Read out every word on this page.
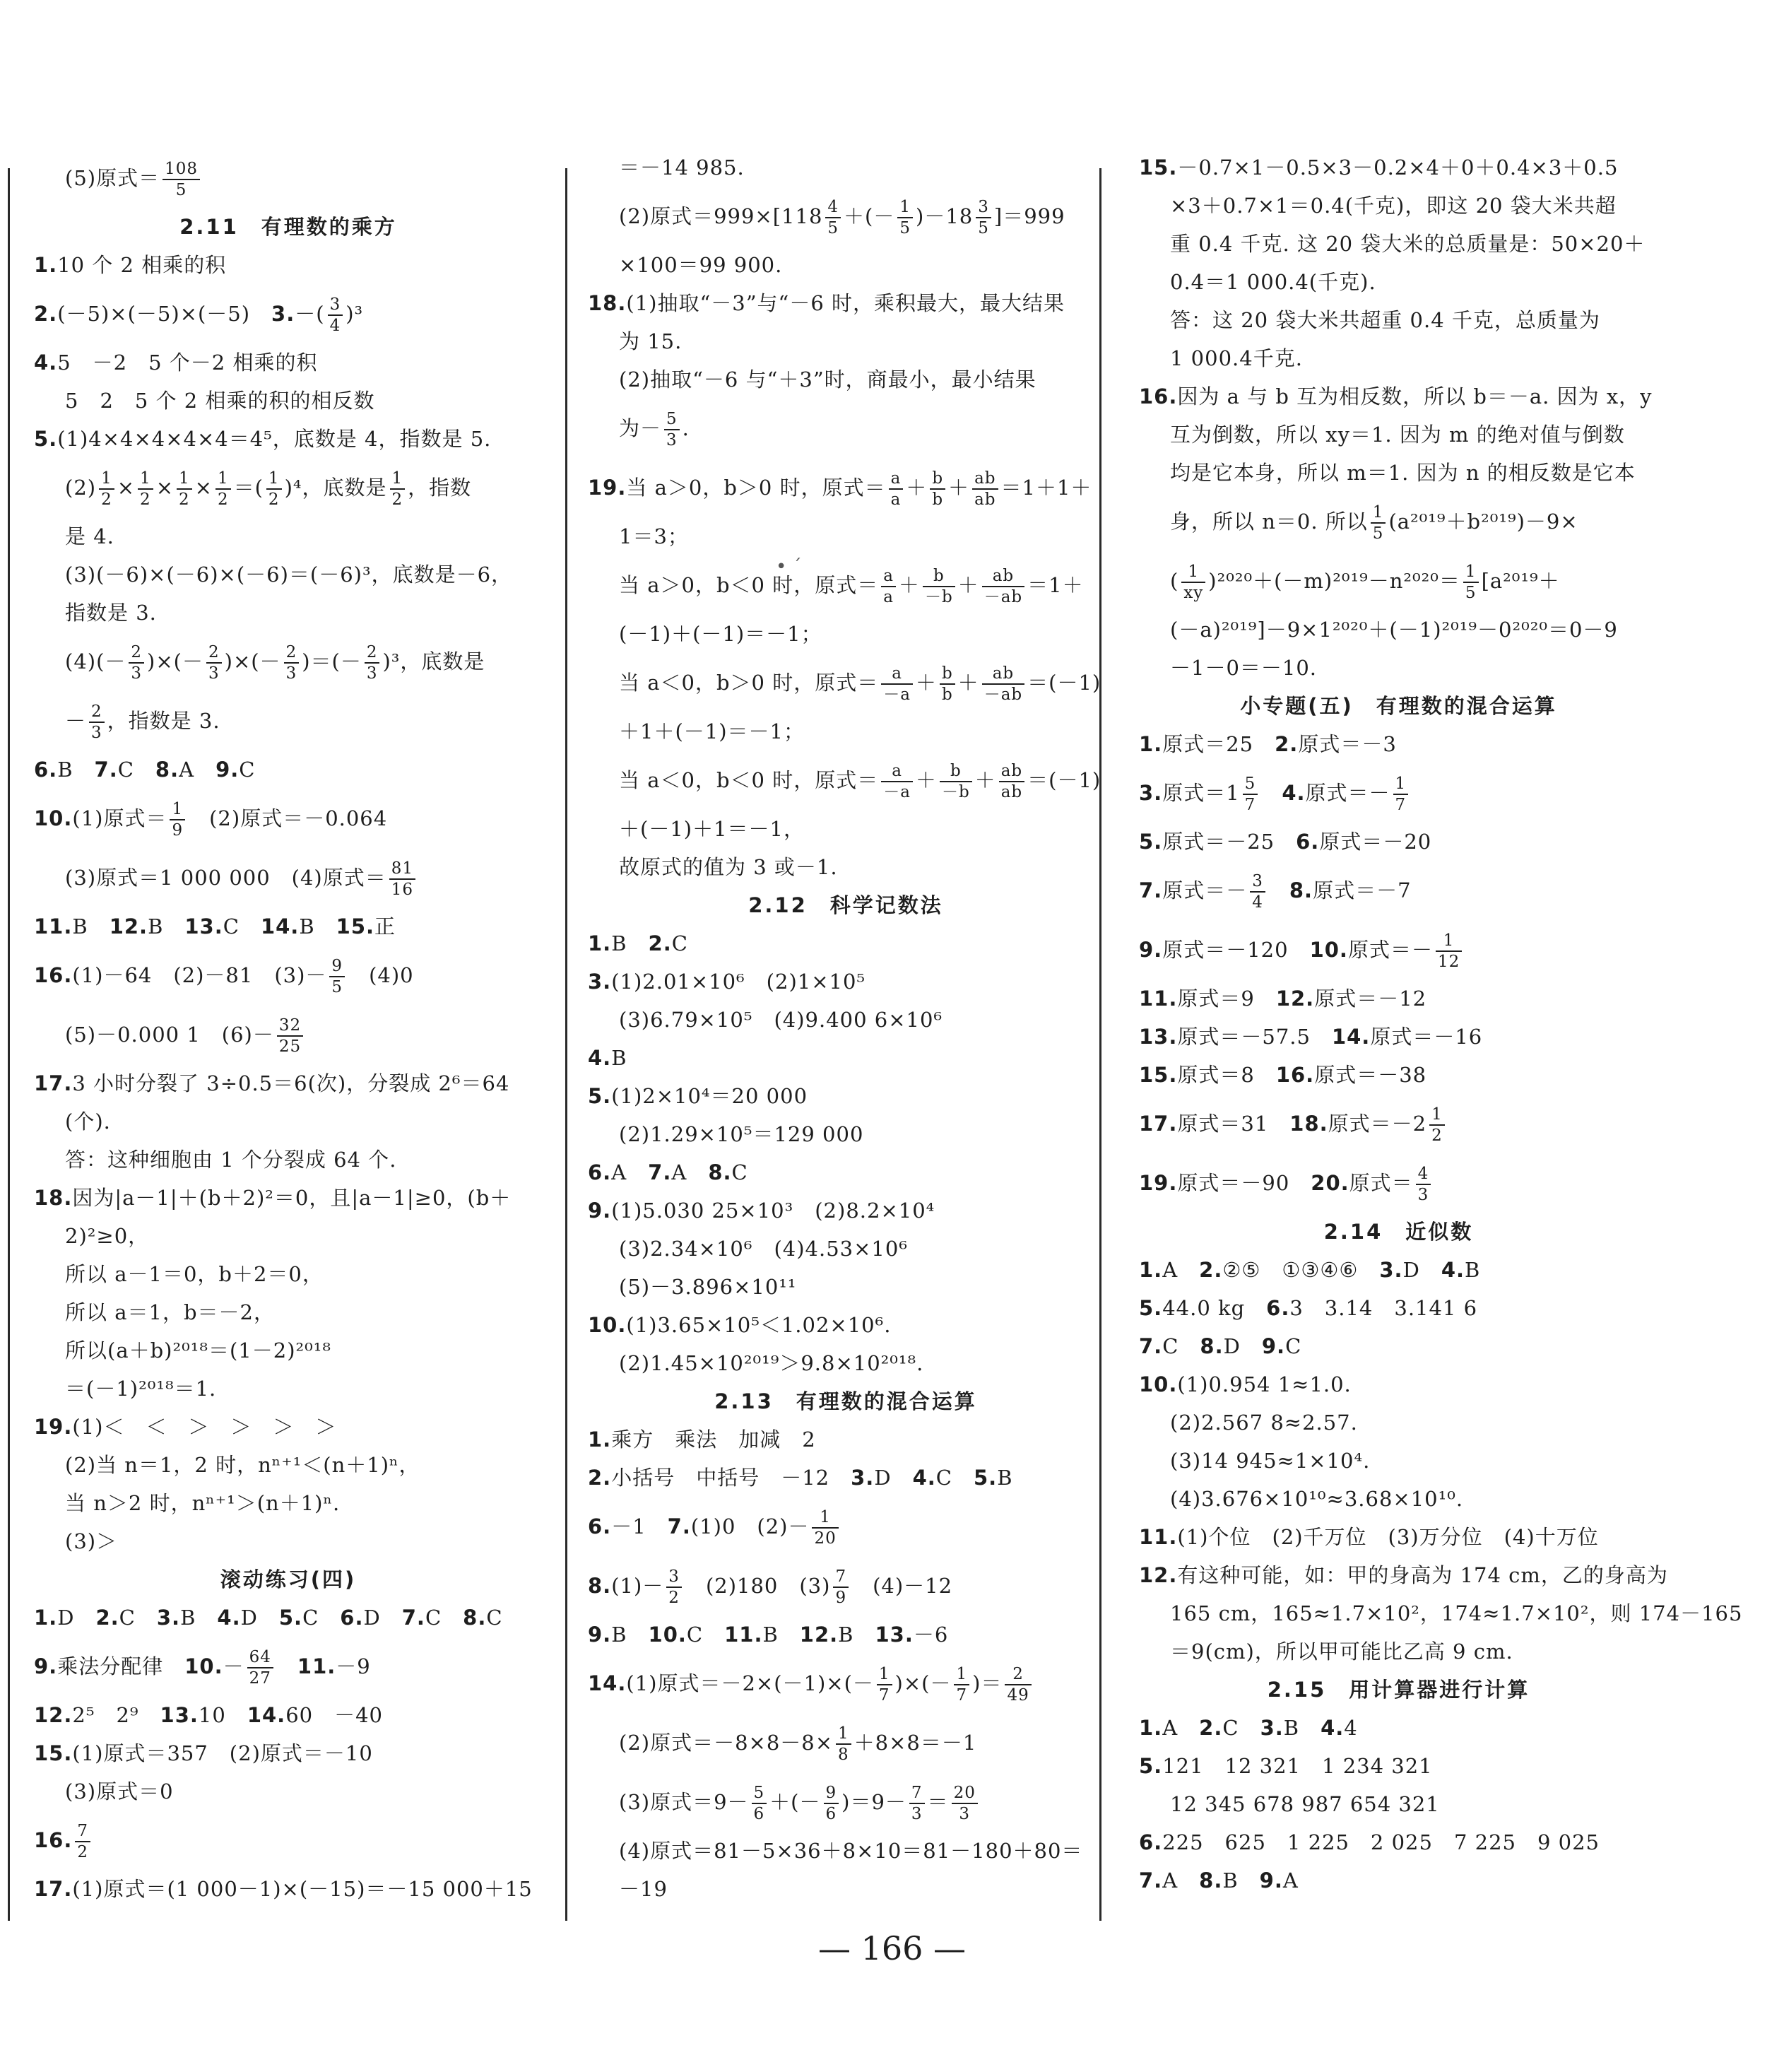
• ˊ
(5)原式＝ $\frac{108}{5}$
2.11　有理数的乘方
1.10 个 2 相乘的积
2.(－5)×(－5)×(－5)　$3.-( \frac{3}{4} )^3$
4.5　－2　5 个－2 相乘的积
5　2　5 个 2 相乘的积的相反数
5.(1)4×4×4×4×4＝4⁵，底数是 4，指数是 5.
$(2) \frac{1}{2} \times \frac{1}{2} \times \frac{1}{2} \times \frac{1}{2}$ ＝( $\frac{1}{2} )^4$，底数是 $\frac{1}{2}$ ，指数
是 4.
(3)(－6)×(－6)×(－6)＝(－6)³，底数是－6，
指数是 3.
$(4)(- \frac{2}{3}$ )×(－ $\frac{2}{3}$ )×(－ $\frac{2}{3}$ )＝(－ $\frac{2}{3} )^3$，底数是
－ $\frac{2}{3}$ ，指数是 3.
6.B　7.C　8.A　9.C
10.(1)原式＝ $\frac{1}{9}$ 　(2)原式＝－0.064
(3)原式＝1 000 000　(4)原式＝ $\frac{81}{16}$
11.B　12.B　13.C　14.B　15.正
16.(1)－64　(2)－81　$(3)- \frac{9}{5}$ 　(4)0
(5)－0.000 1　$(6)- \frac{32}{25}$
17.3 小时分裂了 3÷0.5＝6(次)，分裂成 2⁶＝64
(个).
答：这种细胞由 1 个分裂成 64 个.
18.因为|a－1|＋(b＋2)²＝0，且|a－1|≥0，(b＋
2)²≥0，
所以 a－1＝0，b＋2＝0，
所以 a＝1，b＝－2，
所以(a＋b)²⁰¹⁸＝(1－2)²⁰¹⁸
＝(－1)²⁰¹⁸＝1.
19.(1)＜　＜　＞　＞　＞　＞
(2)当 n＝1，2 时，nⁿ⁺¹＜(n＋1)ⁿ，
当 n＞2 时，nⁿ⁺¹＞(n＋1)ⁿ.
(3)＞
滚动练习(四)
1.D　2.C　3.B　4.D　5.C　6.D　7.C　8.C
9.乘法分配律　$10.- \frac{64}{27}$
　 11.－9
12.2⁵　2⁹　13.10　14.60　－40
15.(1)原式＝357　(2)原式＝－10
(3)原式＝0
16. $\frac{7}{2}$
17.(1)原式＝(1 000－1)×(－15)＝－15 000＋15
＝－14 985.
(2)原式$=999\times[118 \frac{4}{5}$ ＋(－ $\frac{1}{5} )-18 \frac{3}{5} ]=999$
×100＝99 900.
18.(1)抽取“－3”与“－6 时，乘积最大，最大结果
为 15.
(2)抽取“－6 与“＋3”时，商最小，最小结果
为－ $\frac{5}{3}$ .
19.当 a＞0，b＞0 时，原式＝ $\frac{a}{a} + \frac{b}{b} + \frac{ab}{ab} =1+1+$
1＝3；
当 a＞0，b＜0 时，原式＝ $\frac{a}{a} + \frac{b}{-b} + \frac{ab}{-ab} =1+$
(－1)＋(－1)＝－1；
当 a＜0，b＞0 时，原式＝ $\frac{a}{-a} + \frac{b}{b} + \frac{ab}{-ab} =(-1)$
＋1＋(－1)＝－1；
当 a＜0，b＜0 时，原式＝ $\frac{a}{-a} + \frac{b}{-b} + \frac{ab}{ab} =(-1)$
＋(－1)＋1＝－1，
故原式的值为 3 或－1.
2.12　科学记数法
1.B　2.C
3.(1)2.01×10⁶　(2)1×10⁵
(3)6.79×10⁵　(4)9.400 6×10⁶
4.B
5.(1)2×10⁴＝20 000
(2)1.29×10⁵＝129 000
6.A　7.A　8.C
9.(1)5.030 25×10³　(2)8.2×10⁴
(3)2.34×10⁶　(4)4.53×10⁶
(5)－3.896×10¹¹
10.(1)3.65×10⁵＜1.02×10⁶.
(2)1.45×10²⁰¹⁹＞9.8×10²⁰¹⁸.
2.13　有理数的混合运算
1.乘方　乘法　加减　2
2.小括号　中括号　－12　3.D　4.C　5.B
6.－1　7.(1)0　$(2)- \frac{1}{20}$
$8.(1)- \frac{3}{2}$ 　(2)180　$(3) \frac{7}{9}$ 　(4)－12
9.B　10.C　11.B　12.B　13.－6
14.(1)原式$=-2\times(-1)\times(- \frac{1}{7}$ )×(－ $\frac{1}{7}$ )＝ $\frac{2}{49}$
(2)原式$=-8\times 8-8\times \frac{1}{8} +8\times 8=-1$
(3)原式$=9- \frac{5}{6}$ ＋(－ $\frac{9}{6} )=9- \frac{7}{3} = \frac{20}{3}$
(4)原式＝81－5×36＋8×10＝81－180＋80＝
－19
15.－0.7×1－0.5×3－0.2×4＋0＋0.4×3＋0.5
×3＋0.7×1＝0.4(千克)，即这 20 袋大米共超
重 0.4 千克. 这 20 袋大米的总质量是：50×20＋
0.4＝1 000.4(千克).
答：这 20 袋大米共超重 0.4 千克，总质量为
1 000.4千克.
16.因为 a 与 b 互为相反数，所以 b＝－a. 因为 x，y
互为倒数，所以 xy＝1. 因为 m 的绝对值与倒数
均是它本身，所以 m＝1. 因为 n 的相反数是它本
身，所以 n＝0. 所以 $\frac{1}{5} (a^{2019}+b^{2019})-9\times$
( $\frac{1}{xy} )^{2020}+(-m)^{2019}-n^{2020}= \frac{1}{5} [a^{2019}+$
(－a)²⁰¹⁹]－9×1²⁰²⁰＋(－1)²⁰¹⁹－0²⁰²⁰＝0－9
－1－0＝－10.
小专题(五)　有理数的混合运算
1.原式＝25　2.原式＝－3
3.原式$=1 \frac{5}{7}$
　 4.原式＝－ $\frac{1}{7}$
5.原式＝－25　6.原式＝－20
7.原式＝－ $\frac{3}{4}$
　 8.原式＝－7
9.原式＝－120　10.原式＝－ $\frac{1}{12}$
11.原式＝9　12.原式＝－12
13.原式＝－57.5　14.原式＝－16
15.原式＝8　16.原式＝－38
17.原式＝31　18.原式$=-2 \frac{1}{2}$
19.原式＝－90　20.原式＝ $\frac{4}{3}$
2.14　近似数
1.A　2.②⑤　①③④⑥　3.D　4.B
5.44.0 kg　6.3　3.14　3.141 6
7.C　8.D　9.C
10.(1)0.954 1≈1.0.
(2)2.567 8≈2.57.
(3)14 945≈1×10⁴.
(4)3.676×10¹⁰≈3.68×10¹⁰.
11.(1)个位　(2)千万位　(3)万分位　(4)十万位
12.有这种可能，如：甲的身高为 174 cm，乙的身高为
165 cm，165≈1.7×10²，174≈1.7×10²，则 174－165
＝9(cm)，所以甲可能比乙高 9 cm.
2.15　用计算器进行计算
1.A　2.C　3.B　4.4
5.121　12 321　1 234 321
12 345 678 987 654 321
6.225　625　1 225　2 025　7 225　9 025
7.A　8.B　9.A
— 166 —
